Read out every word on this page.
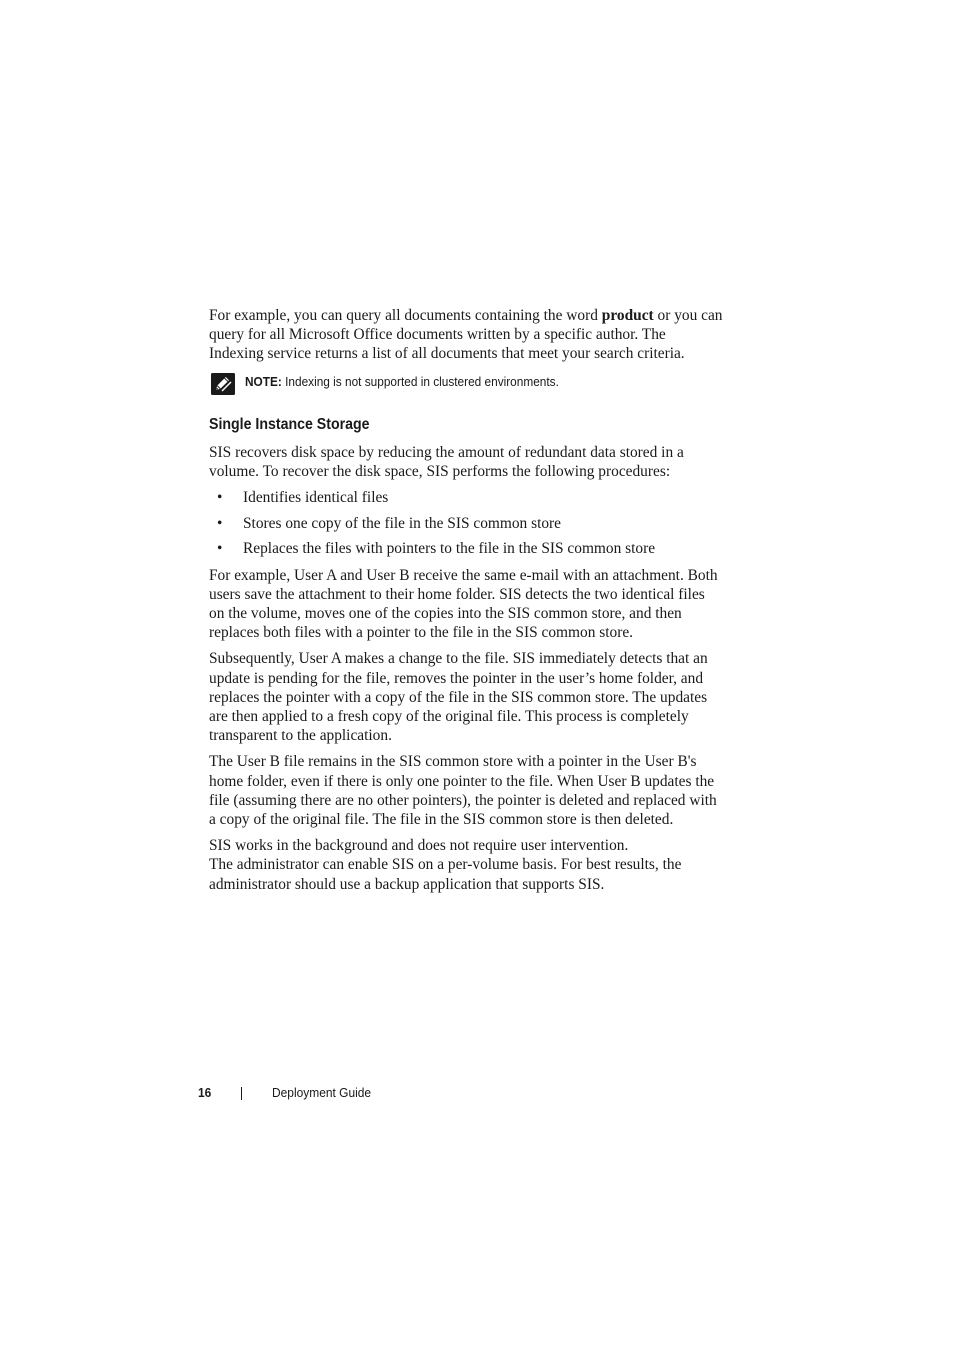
For example, you can query all documents containing the word product or you can query for all Microsoft Office documents written by a specific author. The Indexing service returns a list of all documents that meet your search criteria.

NOTE: Indexing is not supported in clustered environments.
Single Instance Storage

SIS recovers disk space by reducing the amount of redundant data stored in a volume. To recover the disk space, SIS performs the following procedures:

• Identifies identical files
• Stores one copy of the file in the SIS common store
• Replaces the files with pointers to the file in the SIS common store

For example, User A and User B receive the same e-mail with an attachment. Both users save the attachment to their home folder. SIS detects the two identical files on the volume, moves one of the copies into the SIS common store, and then replaces both files with a pointer to the file in the SIS common store.

Subsequently, User A makes a change to the file. SIS immediately detects that an update is pending for the file, removes the pointer in the user’s home folder, and replaces the pointer with a copy of the file in the SIS common store. The updates are then applied to a fresh copy of the original file. This process is completely transparent to the application.

The User B file remains in the SIS common store with a pointer in the User B's home folder, even if there is only one pointer to the file. When User B updates the file (assuming there are no other pointers), the pointer is deleted and replaced with a copy of the original file. The file in the SIS common store is then deleted.

SIS works in the background and does not require user intervention.
The administrator can enable SIS on a per-volume basis. For best results, the administrator should use a backup application that supports SIS.

16	Deployment Guide
